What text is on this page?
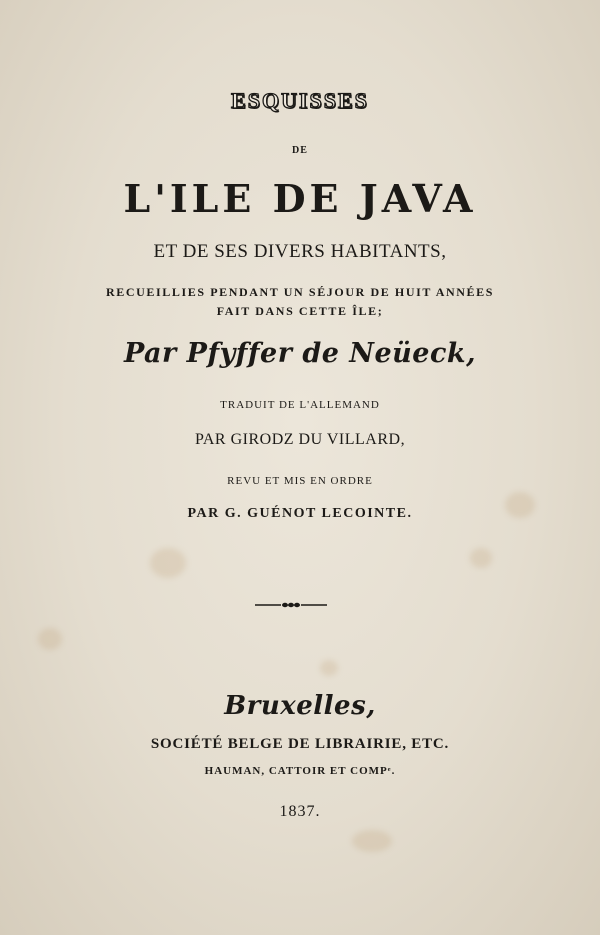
ESQUISSES
DE
L'ILE DE JAVA
ET DE SES DIVERS HABITANTS,
RECUEILLIES PENDANT UN SÉJOUR DE HUIT ANNÉES
FAIT DANS CETTE ÎLE;
Par Pfyffer de Neüeck,
TRADUIT DE L'ALLEMAND
PAR GIRODZ DU VILLARD,
REVU ET MIS EN ORDRE
PAR G. GUÉNOT LECOINTE.
Bruxelles,
SOCIÉTÉ BELGE DE LIBRAIRIE, ETC.
HAUMAN, CATTOIR ET COMPᵉ.
1837.
